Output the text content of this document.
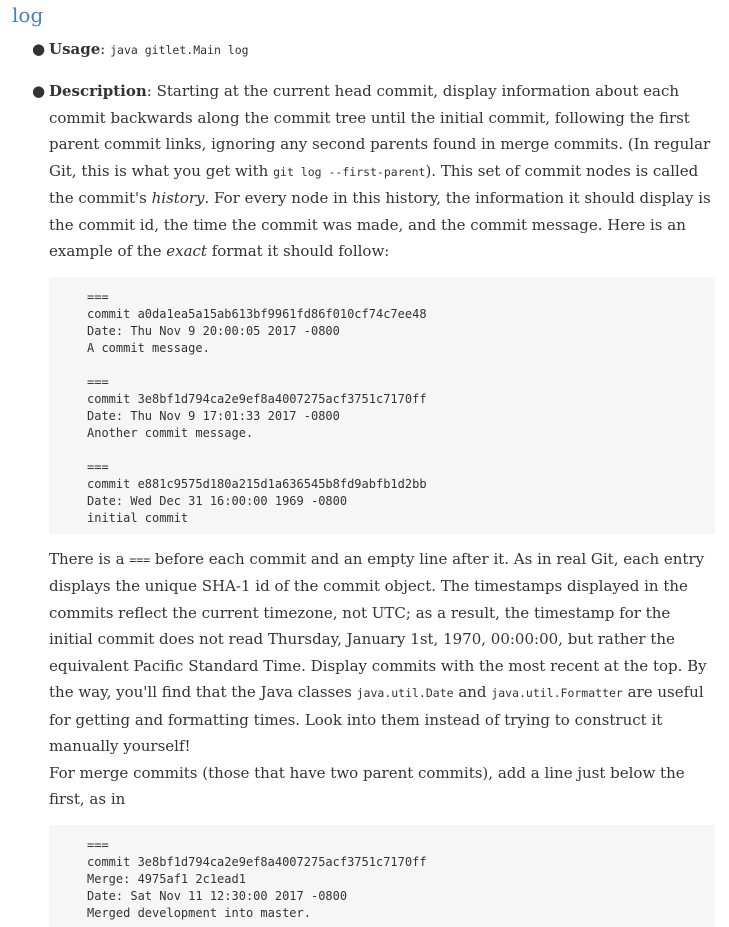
log
● Usage: java gitlet.Main log
● Description: Starting at the current head commit, display information about each commit backwards along the commit tree until the initial commit, following the first parent commit links, ignoring any second parents found in merge commits. (In regular Git, this is what you get with git log --first-parent). This set of commit nodes is called the commit's history. For every node in this history, the information it should display is the commit id, the time the commit was made, and the commit message. Here is an example of the exact format it should follow:

===
commit a0da1ea5a15ab613bf9961fd86f010cf74c7ee48
Date: Thu Nov 9 20:00:05 2017 -0800
A commit message.
===
commit 3e8bf1d794ca2e9ef8a4007275acf3751c7170ff
Date: Thu Nov 9 17:01:33 2017 -0800
Another commit message.
===
commit e881c9575d180a215d1a636545b8fd9abfb1d2bb
Date: Wed Dec 31 16:00:00 1969 -0800
initial commit

There is a === before each commit and an empty line after it. As in real Git, each entry displays the unique SHA-1 id of the commit object. The timestamps displayed in the commits reflect the current timezone, not UTC; as a result, the timestamp for the initial commit does not read Thursday, January 1st, 1970, 00:00:00, but rather the equivalent Pacific Standard Time. Display commits with the most recent at the top. By the way, you'll find that the Java classes java.util.Date and java.util.Formatter are useful for getting and formatting times. Look into them instead of trying to construct it manually yourself!

For merge commits (those that have two parent commits), add a line just below the first, as in

===
commit 3e8bf1d794ca2e9ef8a4007275acf3751c7170ff
Merge: 4975af1 2c1ead1
Date: Sat Nov 11 12:30:00 2017 -0800
Merged development into master.
